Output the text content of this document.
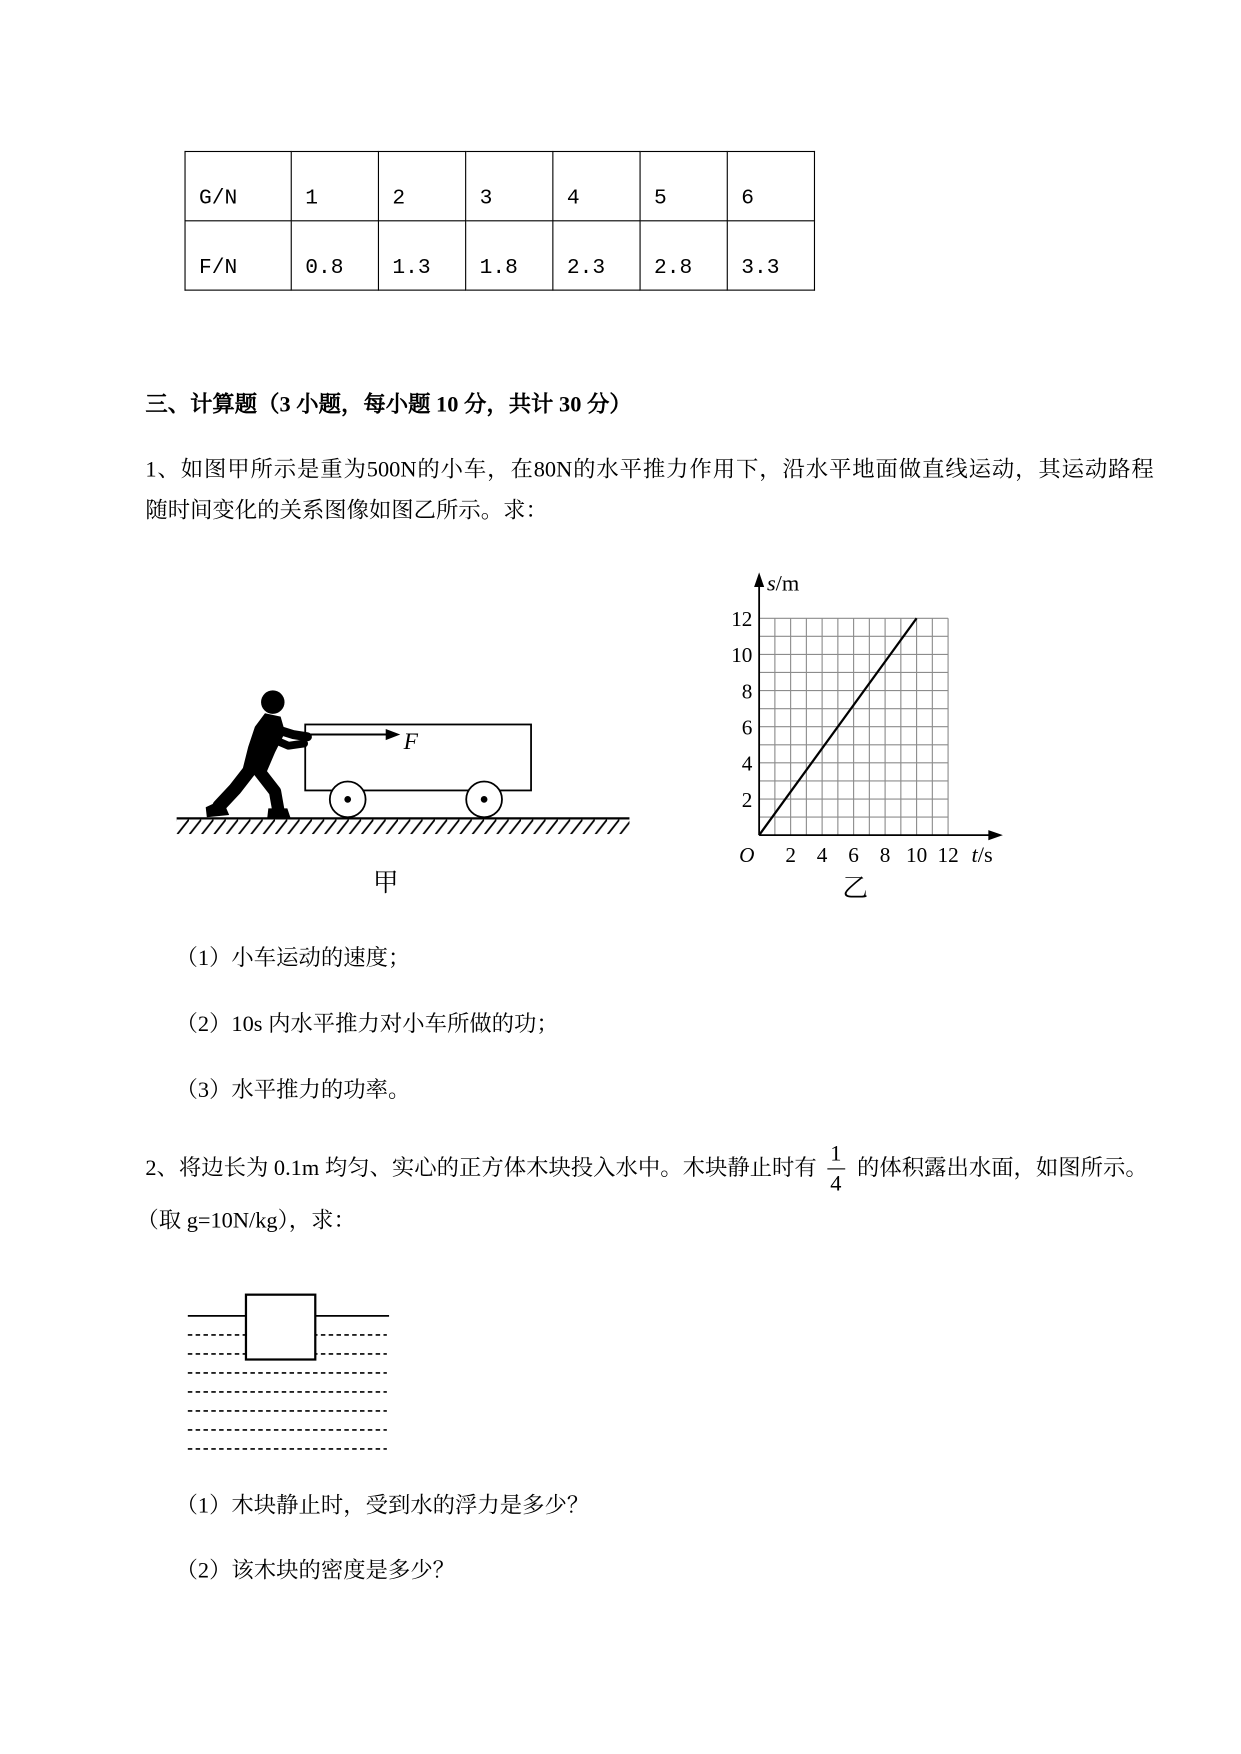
G/N	1	2	3	4	5	6
F/N	0.8	1.3	1.8	2.3	2.8	3.3
三、计算题（3 小题，每小题 10 分，共计 30 分）
1、如图甲所示是重为500N的小车，在80N的水平推力作用下，沿水平地面做直线运动，其运动路程
随时间变化的关系图像如图乙所示。求：
F
甲
2 4 6 8 10 12
2
4
6
8
10
12
O	t/s
s/m
乙
（1）小车运动的速度；
（2）10s 内水平推力对小车所做的功；
（3）水平推力的功率。
2、将边长为 0.1m 均匀、实心的正方体木块投入水中。木块静止时有 $\frac{1}{4}$ 的体积露出水面，如图所示。
（取 g=10N/kg），求：
（1）木块静止时，受到水的浮力是多少？
（2）该木块的密度是多少？
